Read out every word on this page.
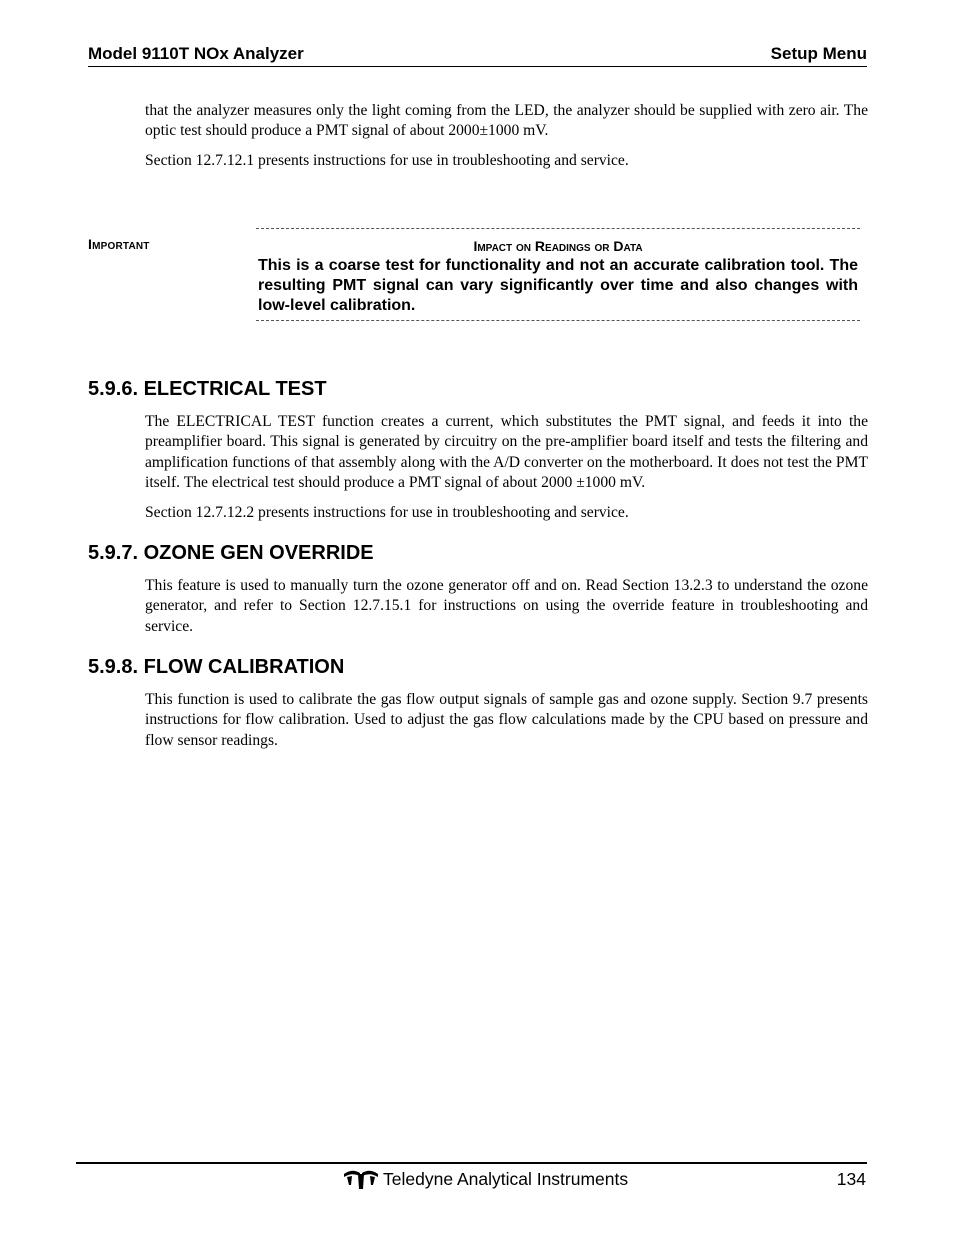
Model 9110T NOx Analyzer	Setup Menu

that the analyzer measures only the light coming from the LED, the analyzer should be supplied with zero air. The optic test should produce a PMT signal of about 2000±1000 mV.

Section 12.7.12.1 presents instructions for use in troubleshooting and service.

Important	Impact on Readings or Data

This is a coarse test for functionality and not an accurate calibration tool. The resulting PMT signal can vary significantly over time and also changes with low-level calibration.

5.9.6. ELECTRICAL TEST

The ELECTRICAL TEST function creates a current, which substitutes the PMT signal, and feeds it into the preamplifier board. This signal is generated by circuitry on the pre-amplifier board itself and tests the filtering and amplification functions of that assembly along with the A/D converter on the motherboard. It does not test the PMT itself. The electrical test should produce a PMT signal of about 2000 ±1000 mV.

Section 12.7.12.2 presents instructions for use in troubleshooting and service.

5.9.7. OZONE GEN OVERRIDE

This feature is used to manually turn the ozone generator off and on. Read Section 13.2.3 to understand the ozone generator, and refer to Section 12.7.15.1 for instructions on using the override feature in troubleshooting and service.

5.9.8. FLOW CALIBRATION

This function is used to calibrate the gas flow output signals of sample gas and ozone supply. Section 9.7 presents instructions for flow calibration. Used to adjust the gas flow calculations made by the CPU based on pressure and flow sensor readings.

Teledyne Analytical Instruments	134
